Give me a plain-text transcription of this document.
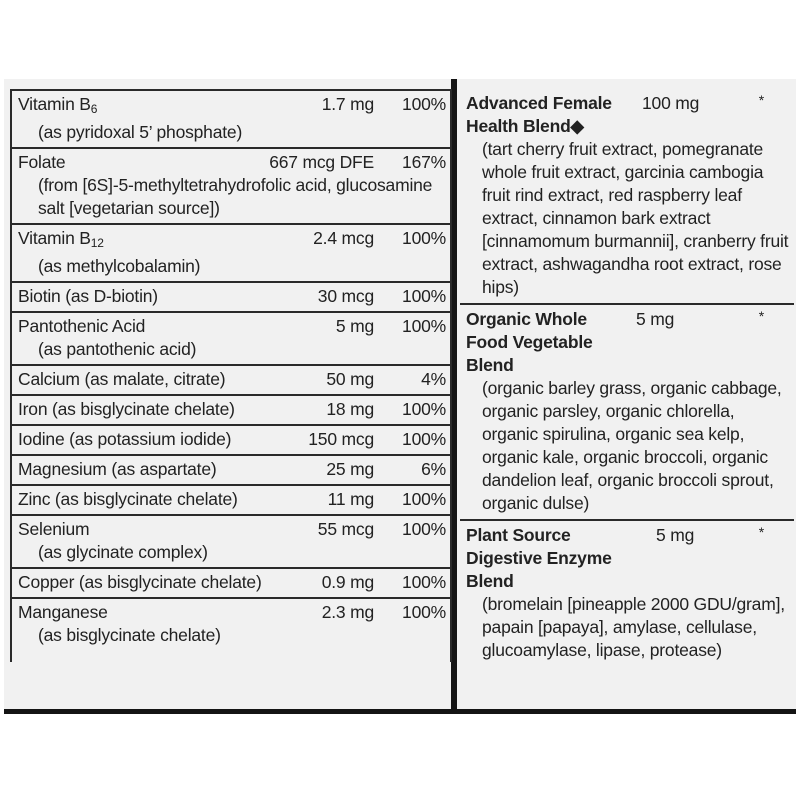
Vitamin $B_6$
(as pyridoxal 5’ phosphate)
1.7 mg 100%
Folate
(from [6S]-5-methyltetrahydrofolic acid, glucosamine salt [vegetarian source])
667 mcg DFE 167%
Vitamin $B_{12}$
(as methylcobalamin)
2.4 mcg 100%
Biotin (as D-biotin)	30 mcg 100%
Pantothenic Acid
(as pantothenic acid)
5 mg 100%
Calcium (as malate, citrate)	50 mg	4%
Iron (as bisglycinate chelate)	18 mg 100%
Iodine (as potassium iodide)	150 mcg 100%
Magnesium (as aspartate)	25 mg	6%
Zinc (as bisglycinate chelate)	11 mg 100%
Selenium
(as glycinate complex)
55 mcg 100%
Copper (as bisglycinate chelate)	0.9 mg 100%
Manganese
(as bisglycinate chelate)
2.3 mg 100%
Advanced Female Health Blend◆
100 mg	*
(tart cherry fruit extract, pomegranate whole fruit extract, garcinia cambogia fruit rind extract, red raspberry leaf extract, cinnamon bark extract [cinnamomum burmannii], cranberry fruit extract, ashwagandha root extract, rose hips)
Organic Whole Food Vegetable Blend
5 mg	*
(organic barley grass, organic cabbage, organic parsley, organic chlorella, organic spirulina, organic sea kelp, organic kale, organic broccoli, organic dandelion leaf, organic broccoli sprout, organic dulse)
Plant Source Digestive Enzyme Blend
5 mg	*
(bromelain [pineapple 2000 GDU/gram], papain [papaya], amylase, cellulase, glucoamylase, lipase, protease)
